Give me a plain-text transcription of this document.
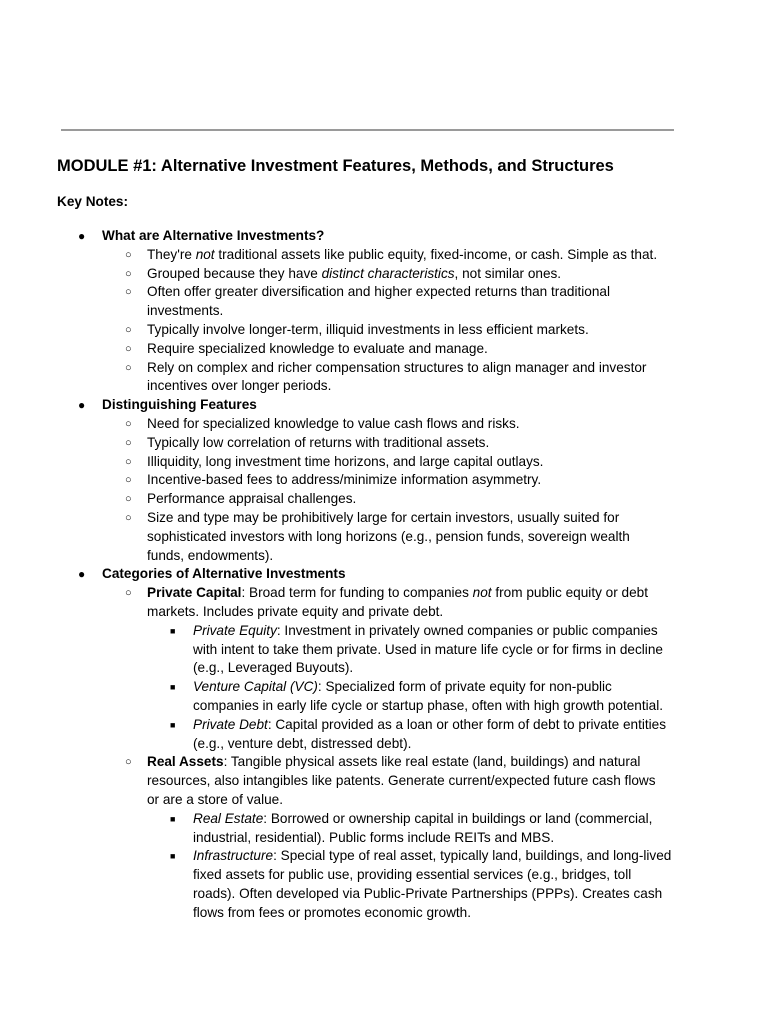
MODULE #1: Alternative Investment Features, Methods, and Structures

Key Notes:

● What are Alternative Investments?
○ They're not traditional assets like public equity, fixed-income, or cash. Simple as that.
○ Grouped because they have distinct characteristics, not similar ones.
○ Often offer greater diversification and higher expected returns than traditional
investments.
○ Typically involve longer-term, illiquid investments in less efficient markets.
○ Require specialized knowledge to evaluate and manage.
○ Rely on complex and richer compensation structures to align manager and investor
incentives over longer periods.
● Distinguishing Features
○ Need for specialized knowledge to value cash flows and risks.
○ Typically low correlation of returns with traditional assets.
○ Illiquidity, long investment time horizons, and large capital outlays.
○ Incentive-based fees to address/minimize information asymmetry.
○ Performance appraisal challenges.
○ Size and type may be prohibitively large for certain investors, usually suited for
sophisticated investors with long horizons (e.g., pension funds, sovereign wealth
funds, endowments).
● Categories of Alternative Investments
○ Private Capital: Broad term for funding to companies not from public equity or debt
markets. Includes private equity and private debt.
■ Private Equity: Investment in privately owned companies or public companies
with intent to take them private. Used in mature life cycle or for firms in decline
(e.g., Leveraged Buyouts).
■ Venture Capital (VC): Specialized form of private equity for non-public
companies in early life cycle or startup phase, often with high growth potential.
■ Private Debt: Capital provided as a loan or other form of debt to private entities
(e.g., venture debt, distressed debt).
○ Real Assets: Tangible physical assets like real estate (land, buildings) and natural
resources, also intangibles like patents. Generate current/expected future cash flows
or are a store of value.
■ Real Estate: Borrowed or ownership capital in buildings or land (commercial,
industrial, residential). Public forms include REITs and MBS.
■ Infrastructure: Special type of real asset, typically land, buildings, and long-lived
fixed assets for public use, providing essential services (e.g., bridges, toll
roads). Often developed via Public-Private Partnerships (PPPs). Creates cash
flows from fees or promotes economic growth.
